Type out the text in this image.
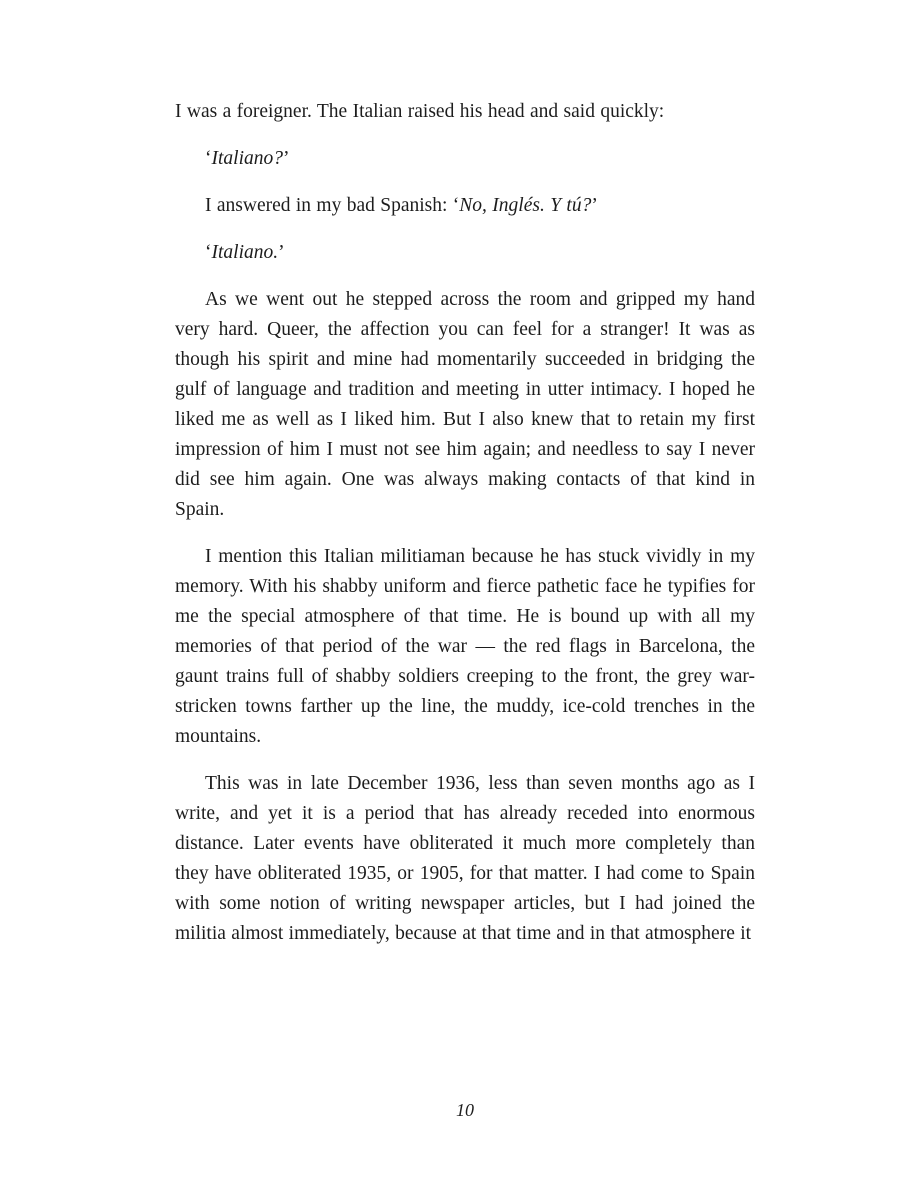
I was a foreigner. The Italian raised his head and said quickly:

‘Italiano?’

I answered in my bad Spanish: ‘No, Inglés. Y tú?’

‘Italiano.’

As we went out he stepped across the room and gripped my hand very hard. Queer, the affection you can feel for a stranger! It was as though his spirit and mine had momentarily succeeded in bridging the gulf of language and tradition and meeting in utter intimacy. I hoped he liked me as well as I liked him. But I also knew that to retain my first impression of him I must not see him again; and needless to say I never did see him again. One was always making contacts of that kind in Spain.

I mention this Italian militiaman because he has stuck vividly in my memory. With his shabby uniform and fierce pathetic face he typifies for me the special atmosphere of that time. He is bound up with all my memories of that period of the war — the red flags in Barcelona, the gaunt trains full of shabby soldiers creeping to the front, the grey war-stricken towns farther up the line, the muddy, ice-cold trenches in the mountains.

This was in late December 1936, less than seven months ago as I write, and yet it is a period that has already receded into enormous distance. Later events have obliterated it much more completely than they have obliterated 1935, or 1905, for that matter. I had come to Spain with some notion of writing newspaper articles, but I had joined the militia almost immediately, because at that time and in that atmosphere it

10
